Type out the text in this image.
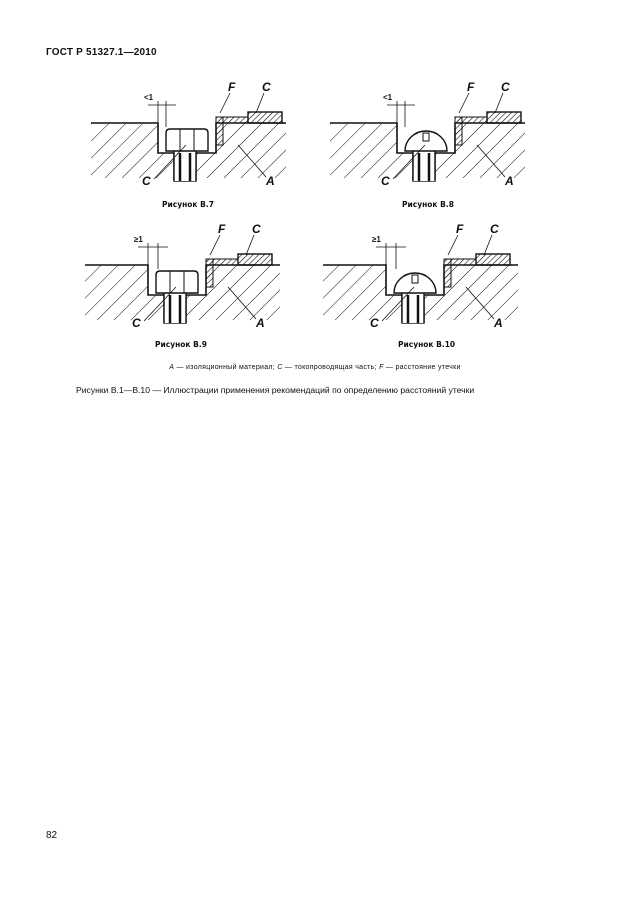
ГОСТ Р 51327.1—2010
<1
F C
C	A
<1
F C
C	A
≥1
F C
C	A
≥1
F C
C	A
Рисунок В.7	Рисунок В.8
Рисунок В.9	Рисунок В.10
A — изоляционный материал; C — токопроводящая часть; F — расстояние утечки
Рисунки В.1—В.10 — Иллюстрации применения рекомендаций по определению расстояний утечки
82
